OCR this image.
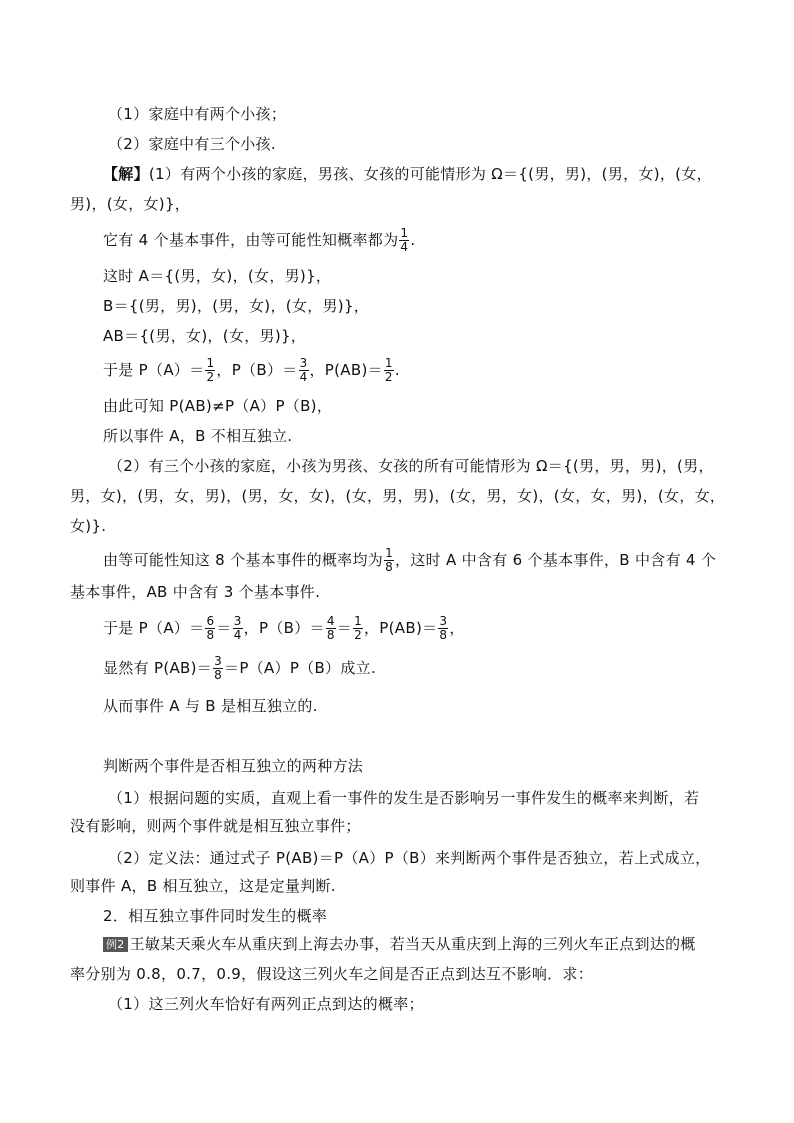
（1）家庭中有两个小孩；
（2）家庭中有三个小孩.
【解】(1）有两个小孩的家庭，男孩、女孩的可能情形为 Ω＝{(男，男)，(男，女)，(女，
男)，(女，女)}，
它有 4 个基本事件，由等可能性知概率都为 $\frac{1}{4}$ .
这时 A＝{(男，女)，(女，男)}，
B＝{(男，男)，(男，女)，(女，男)}，
AB＝{(男，女)，(女，男)}，
于是 $P(A)= \frac{1}{2}$ ，$P(B)= \frac{3}{4}$ ，$P(AB)= \frac{1}{2}$ .
由此可知 P(AB)≠P（A）P（B)，
所以事件 A，B 不相互独立.
（2）有三个小孩的家庭，小孩为男孩、女孩的所有可能情形为 Ω＝{(男，男，男)，(男，
男，女)，(男，女，男)，(男，女，女)，(女，男，男)，(女，男，女)，(女，女，男)，(女，女，
女)}.
由等可能性知这 8 个基本事件的概率均为 $\frac{1}{8}$ ，这时 A 中含有 6 个基本事件，B 中含有 4 个
基本事件，AB 中含有 3 个基本事件.
于是 $P(A)= \frac{6}{8} = \frac{3}{4}$ ，$P(B)= \frac{4}{8} = \frac{1}{2}$ ，$P(AB)= \frac{3}{8}$ ，
显然有 $P(AB)= \frac{3}{8} =P(A)P(B)$成立.
从而事件 A 与 B 是相互独立的.
判断两个事件是否相互独立的两种方法
（1）根据问题的实质，直观上看一事件的发生是否影响另一事件发生的概率来判断，若
没有影响，则两个事件就是相互独立事件；
（2）定义法：通过式子 P(AB)＝P（A）P（B）来判断两个事件是否独立，若上式成立，
则事件 A，B 相互独立，这是定量判断.
2．相互独立事件同时发生的概率
例2 王敏某天乘火车从重庆到上海去办事，若当天从重庆到上海的三列火车正点到达的概
率分别为 0.8，0.7，0.9，假设这三列火车之间是否正点到达互不影响．求：
（1）这三列火车恰好有两列正点到达的概率；
